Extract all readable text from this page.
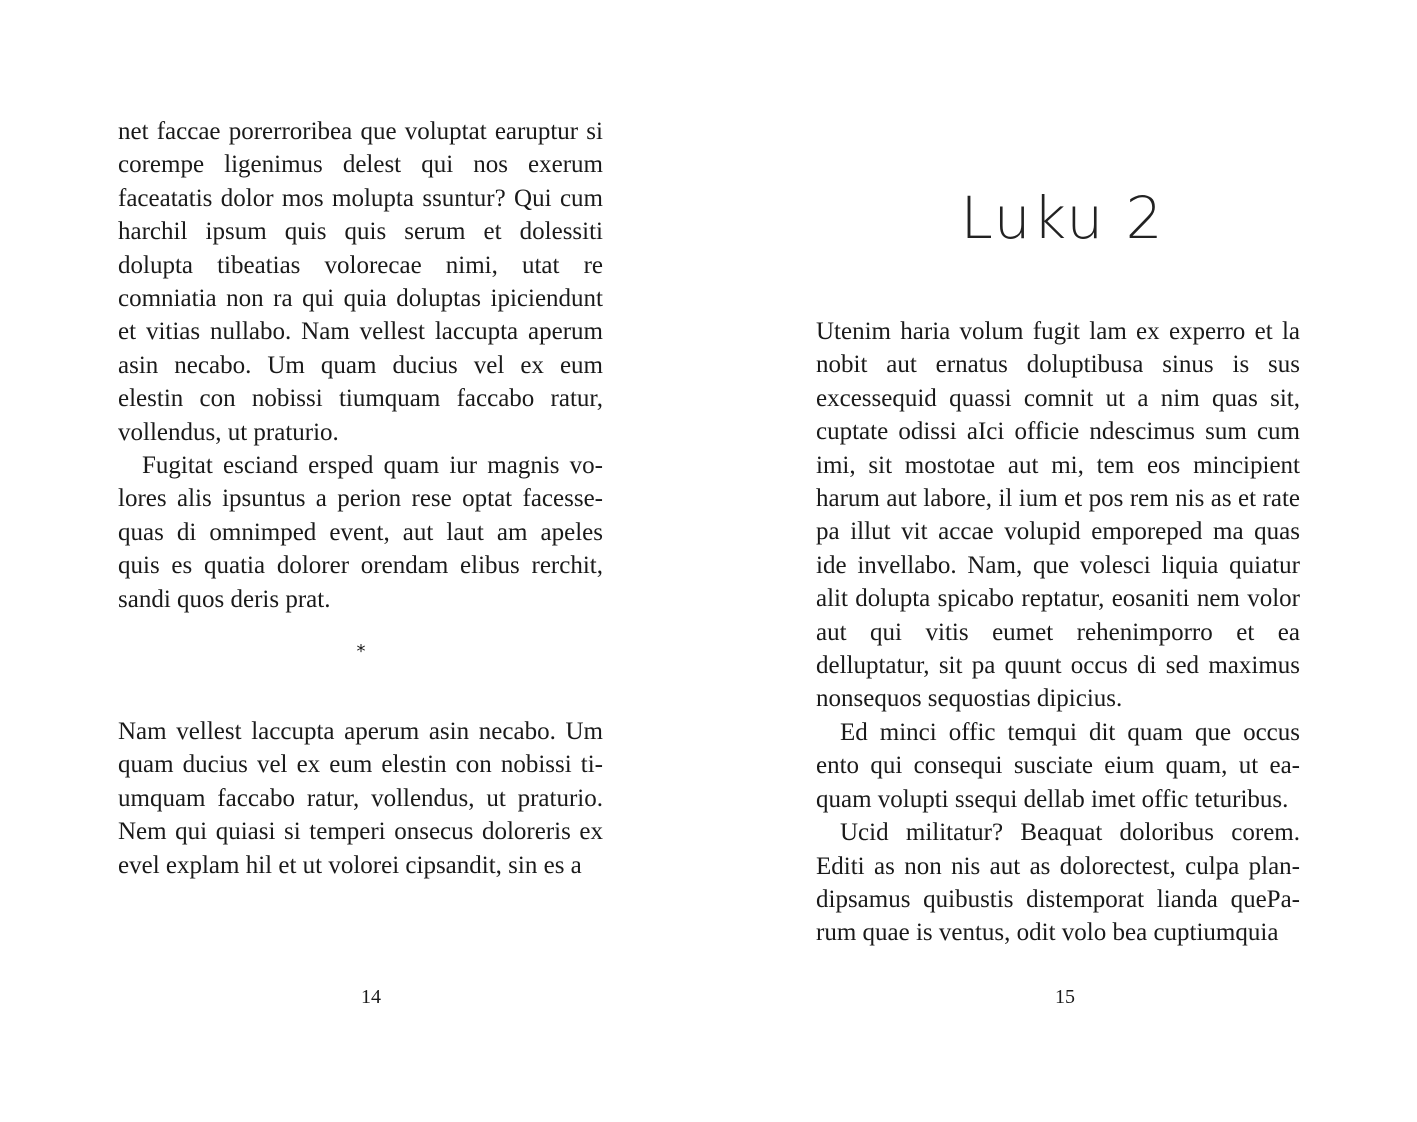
net faccae porerroribea que voluptat earuptur si corempe ligenimus delest qui nos exerum faceatatis dolor mos molupta ssuntur? Qui cum harchil ipsum quis quis serum et dolessiti dolupta tibeatias volorecae nimi, utat re comniatia non ra qui quia doluptas ipiciendunt et vitias nullabo. Nam vellest laccupta aperum asin necabo. Um quam ducius vel ex eum elestin con nobissi tiumquam faccabo ratur, vollendus, ut praturio.

Fugitat esciand ersped quam iur magnis volores alis ipsuntus a perion rese optat facessequas di omnimped event, aut laut am apeles quis es quatia dolorer orendam elibus rerchit, sandi quos deris prat.

*

Nam vellest laccupta aperum asin necabo. Um quam ducius vel ex eum elestin con nobissi tiumquam faccabo ratur, vollendus, ut praturio. Nem qui quiasi si temperi onsecus doloreris ex evel explam hil et ut volorei cipsandit, sin es a

14
Luku 2

Utenim haria volum fugit lam ex experro et la nobit aut ernatus doluptibusa sinus is sus excessequid quassi comnit ut a nim quas sit, cuptate odissi aIci officie ndescimus sum cum imi, sit mostotae aut mi, tem eos mincipient harum aut labore, il ium et pos rem nis as et rate pa illut vit accae volupid emporeped ma quas ide invellabo. Nam, que volesci liquia quiatur alit dolupta spicabo reptatur, eosaniti nem volor aut qui vitis eumet rehenimporro et ea delluptatur, sit pa quunt occus di sed maximus nonsequos sequostias dipicius.

Ed minci offic temqui dit quam que occus ento qui consequi susciate eium quam, ut eaquam volupti ssequi dellab imet offic teturibus.

Ucid militatur? Beaquat doloribus corem. Editi as non nis aut as dolorectest, culpa plandipsamus quibustis distemporat lianda queParum quae is ventus, odit volo bea cuptiumquia

15
